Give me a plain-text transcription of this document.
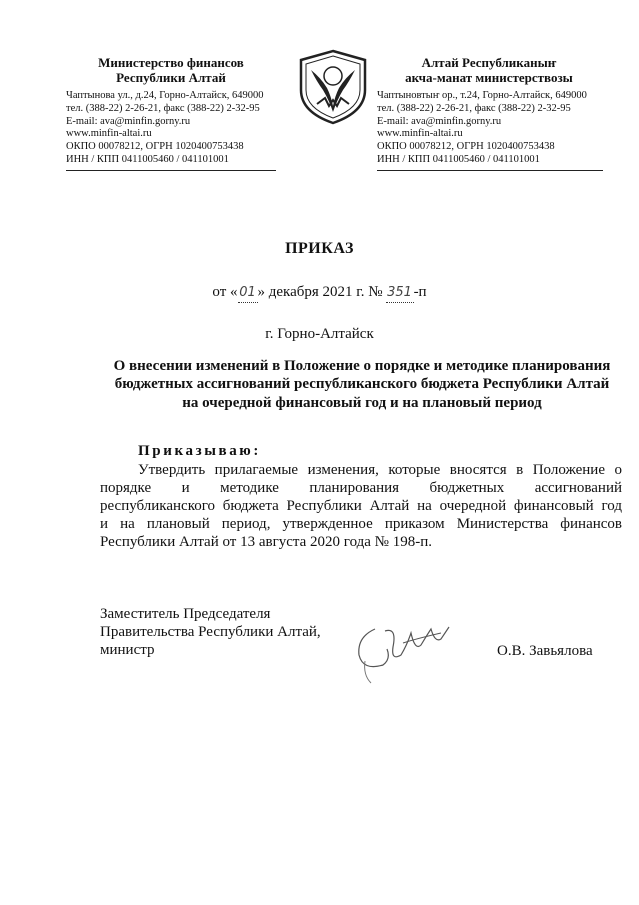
Министерство финансов
Республики Алтай
Чаптынова ул., д.24, Горно-Алтайск, 649000
тел. (388-22) 2-26-21, факс (388-22) 2-32-95
E-mail: ava@minfin.gorny.ru
www.minfin-altai.ru
ОКПО 00078212, ОГРН 1020400753438
ИНН / КПП 0411005460 / 041101001
Алтай Республиканыҥ
акча-манат министерствозы
Чаптыновтыҥ ор., т.24, Горно-Алтайск, 649000
тел. (388-22) 2-26-21, факс (388-22) 2-32-95
E-mail: ava@minfin.gorny.ru
www.minfin-altai.ru
ОКПО 00078212, ОГРН 1020400753438
ИНН / КПП 0411005460 / 041101001
ПРИКАЗ
от « 01 » декабря 2021 г. № 351 -п
г. Горно-Алтайск
О внесении изменений в Положение о порядке и методике планирования
бюджетных ассигнований республиканского бюджета Республики Алтай
на очередной финансовый год и на плановый период
Приказываю:
Утвердить прилагаемые изменения, которые вносятся в Положение о
порядке и методике планирования бюджетных ассигнований
республиканского бюджета Республики Алтай на очередной финансовый год
и на плановый период, утвержденное приказом Министерства финансов
Республики Алтай от 13 августа 2020 года № 198-п.
Заместитель Председателя
Правительства Республики Алтай,
министр	О.В. Завьялова
